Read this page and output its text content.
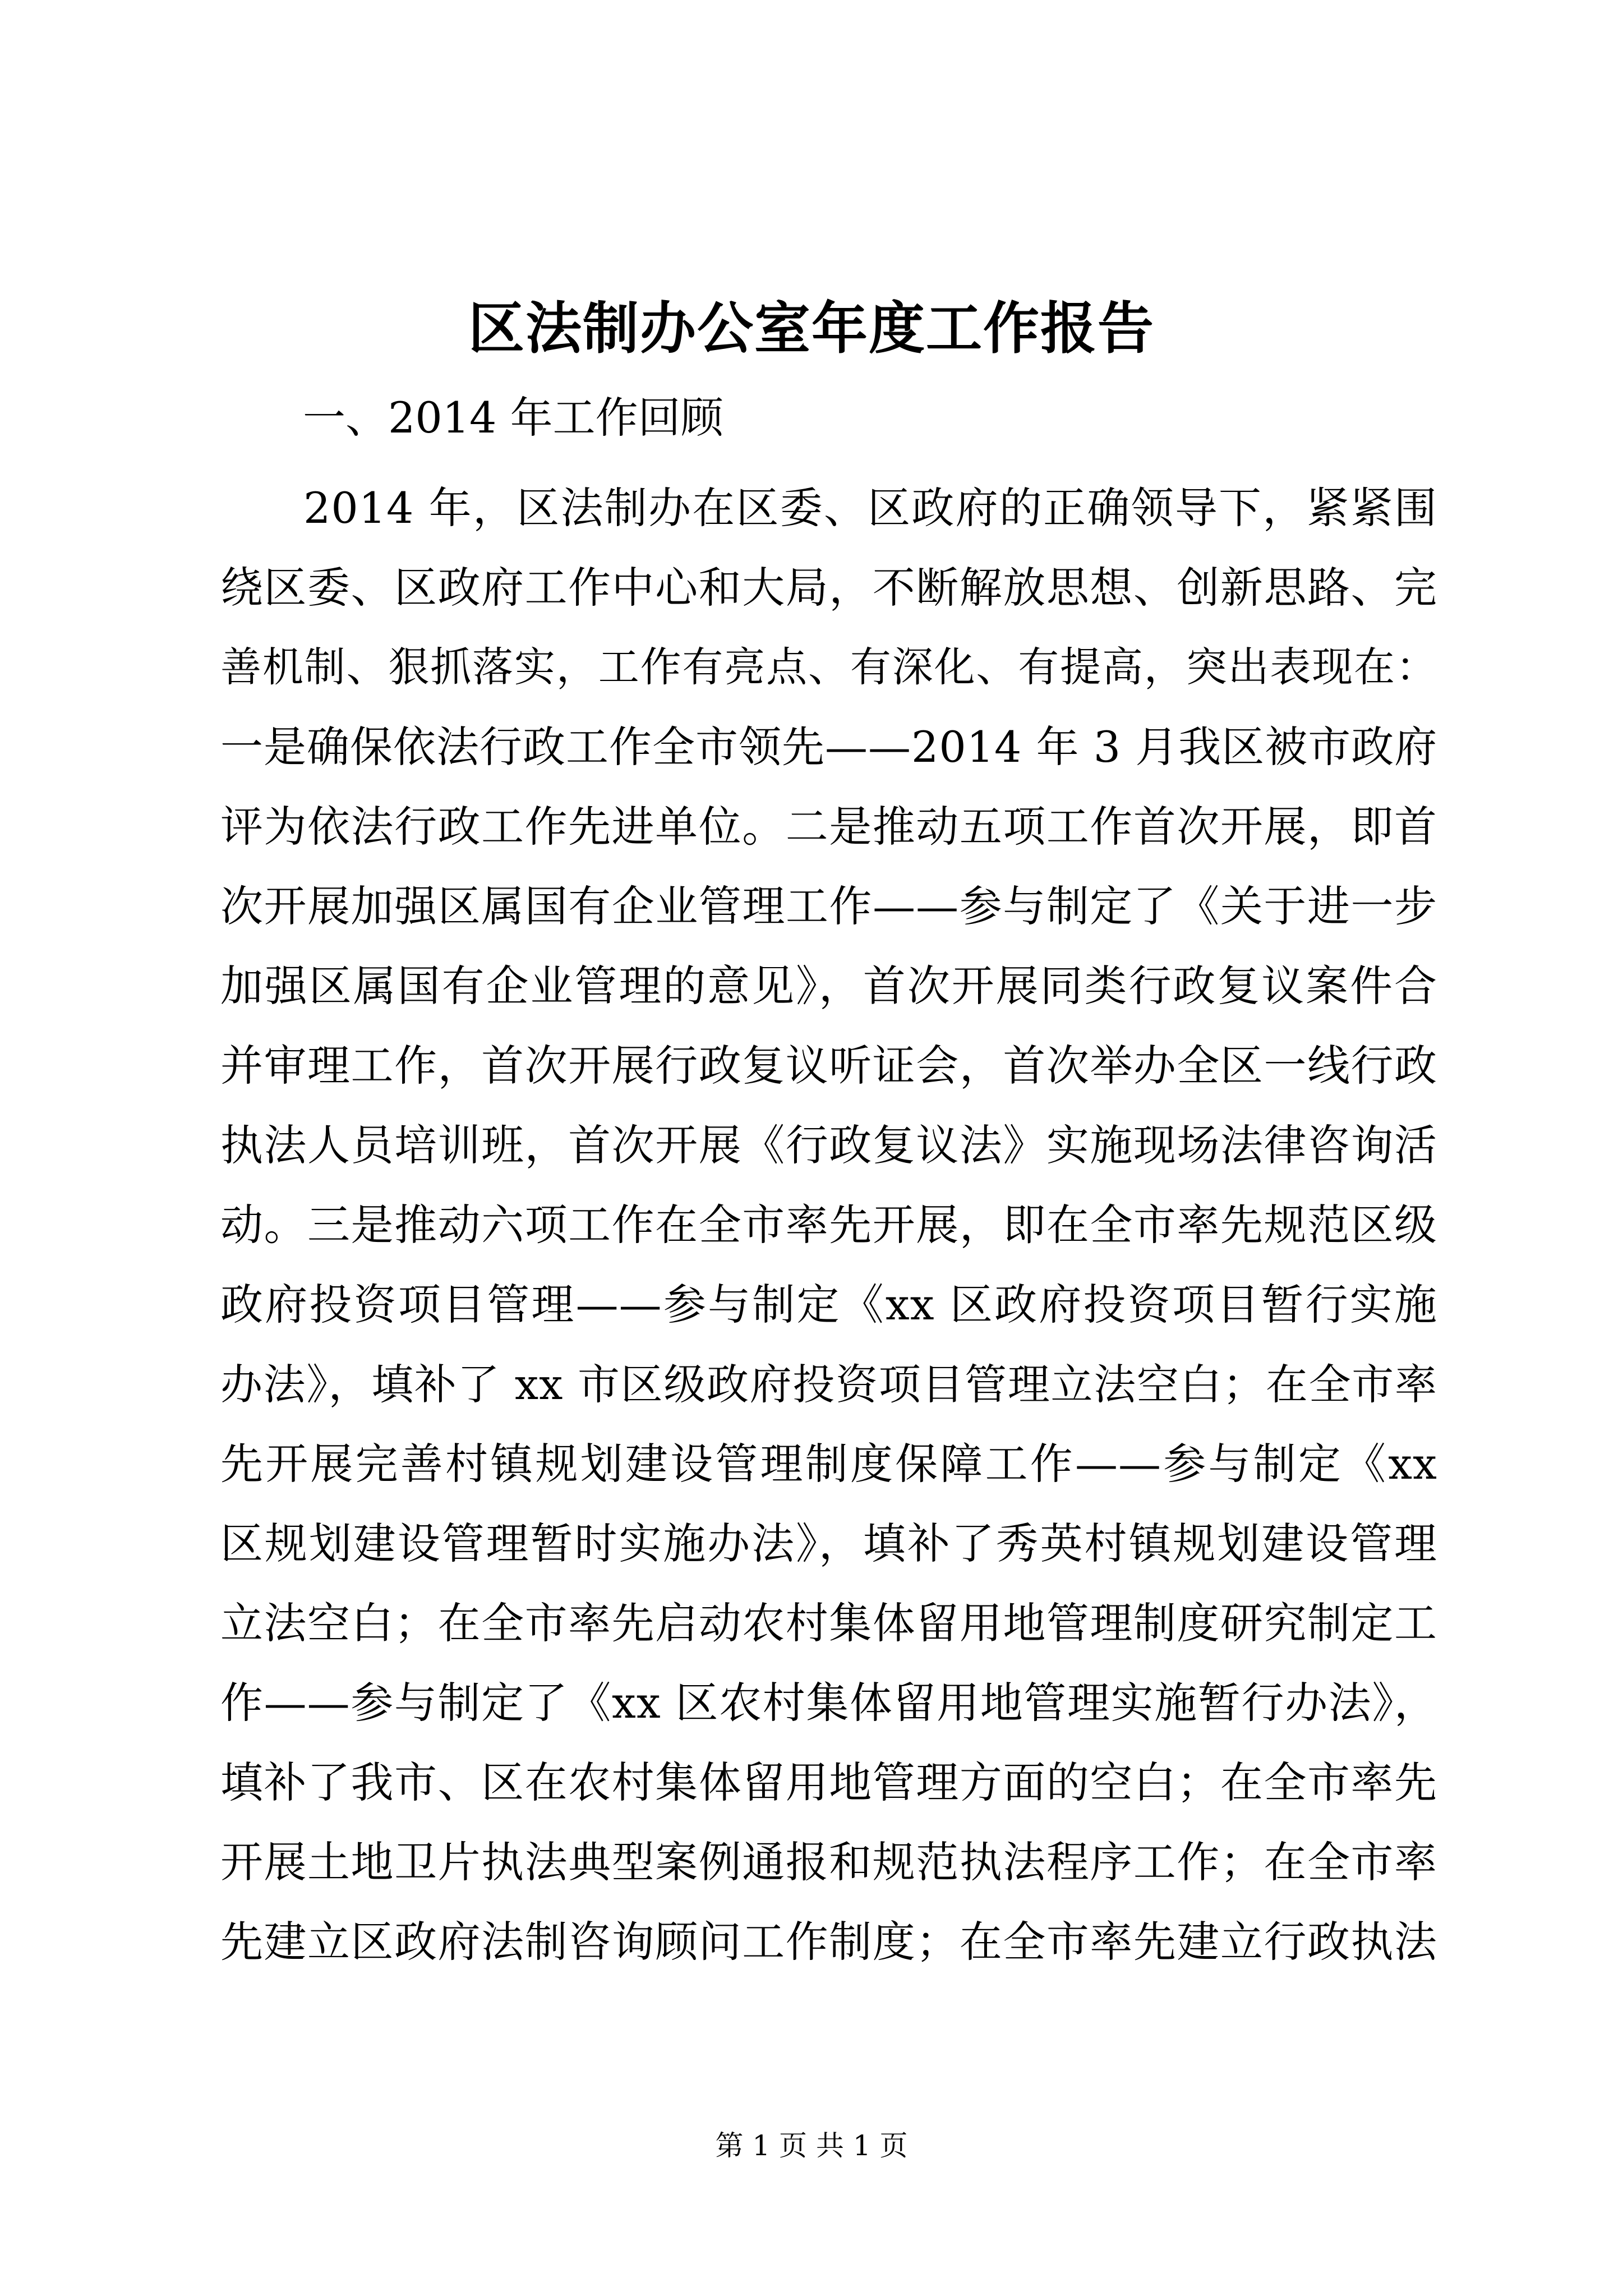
区法制办公室年度工作报告
一、2014 年工作回顾
2014 年，区法制办在区委、区政府的正确领导下，紧紧围
绕区委、区政府工作中心和大局，不断解放思想、创新思路、完
善机制、狠抓落实，工作有亮点、有深化、有提高，突出表现在：
一是确保依法行政工作全市领先——2014 年 3 月我区被市政府
评为依法行政工作先进单位。二是推动五项工作首次开展，即首
次开展加强区属国有企业管理工作——参与制定了《关于进一步
加强区属国有企业管理的意见》，首次开展同类行政复议案件合
并审理工作，首次开展行政复议听证会，首次举办全区一线行政
执法人员培训班，首次开展《行政复议法》实施现场法律咨询活
动。三是推动六项工作在全市率先开展，即在全市率先规范区级
政府投资项目管理——参与制定《xx 区政府投资项目暂行实施
办法》，填补了 xx 市区级政府投资项目管理立法空白；在全市率
先开展完善村镇规划建设管理制度保障工作——参与制定《xx
区规划建设管理暂时实施办法》，填补了秀英村镇规划建设管理
立法空白；在全市率先启动农村集体留用地管理制度研究制定工
作——参与制定了《xx 区农村集体留用地管理实施暂行办法》，
填补了我市、区在农村集体留用地管理方面的空白；在全市率先
开展土地卫片执法典型案例通报和规范执法程序工作；在全市率
先建立区政府法制咨询顾问工作制度；在全市率先建立行政执法
第 1 页 共 1 页
